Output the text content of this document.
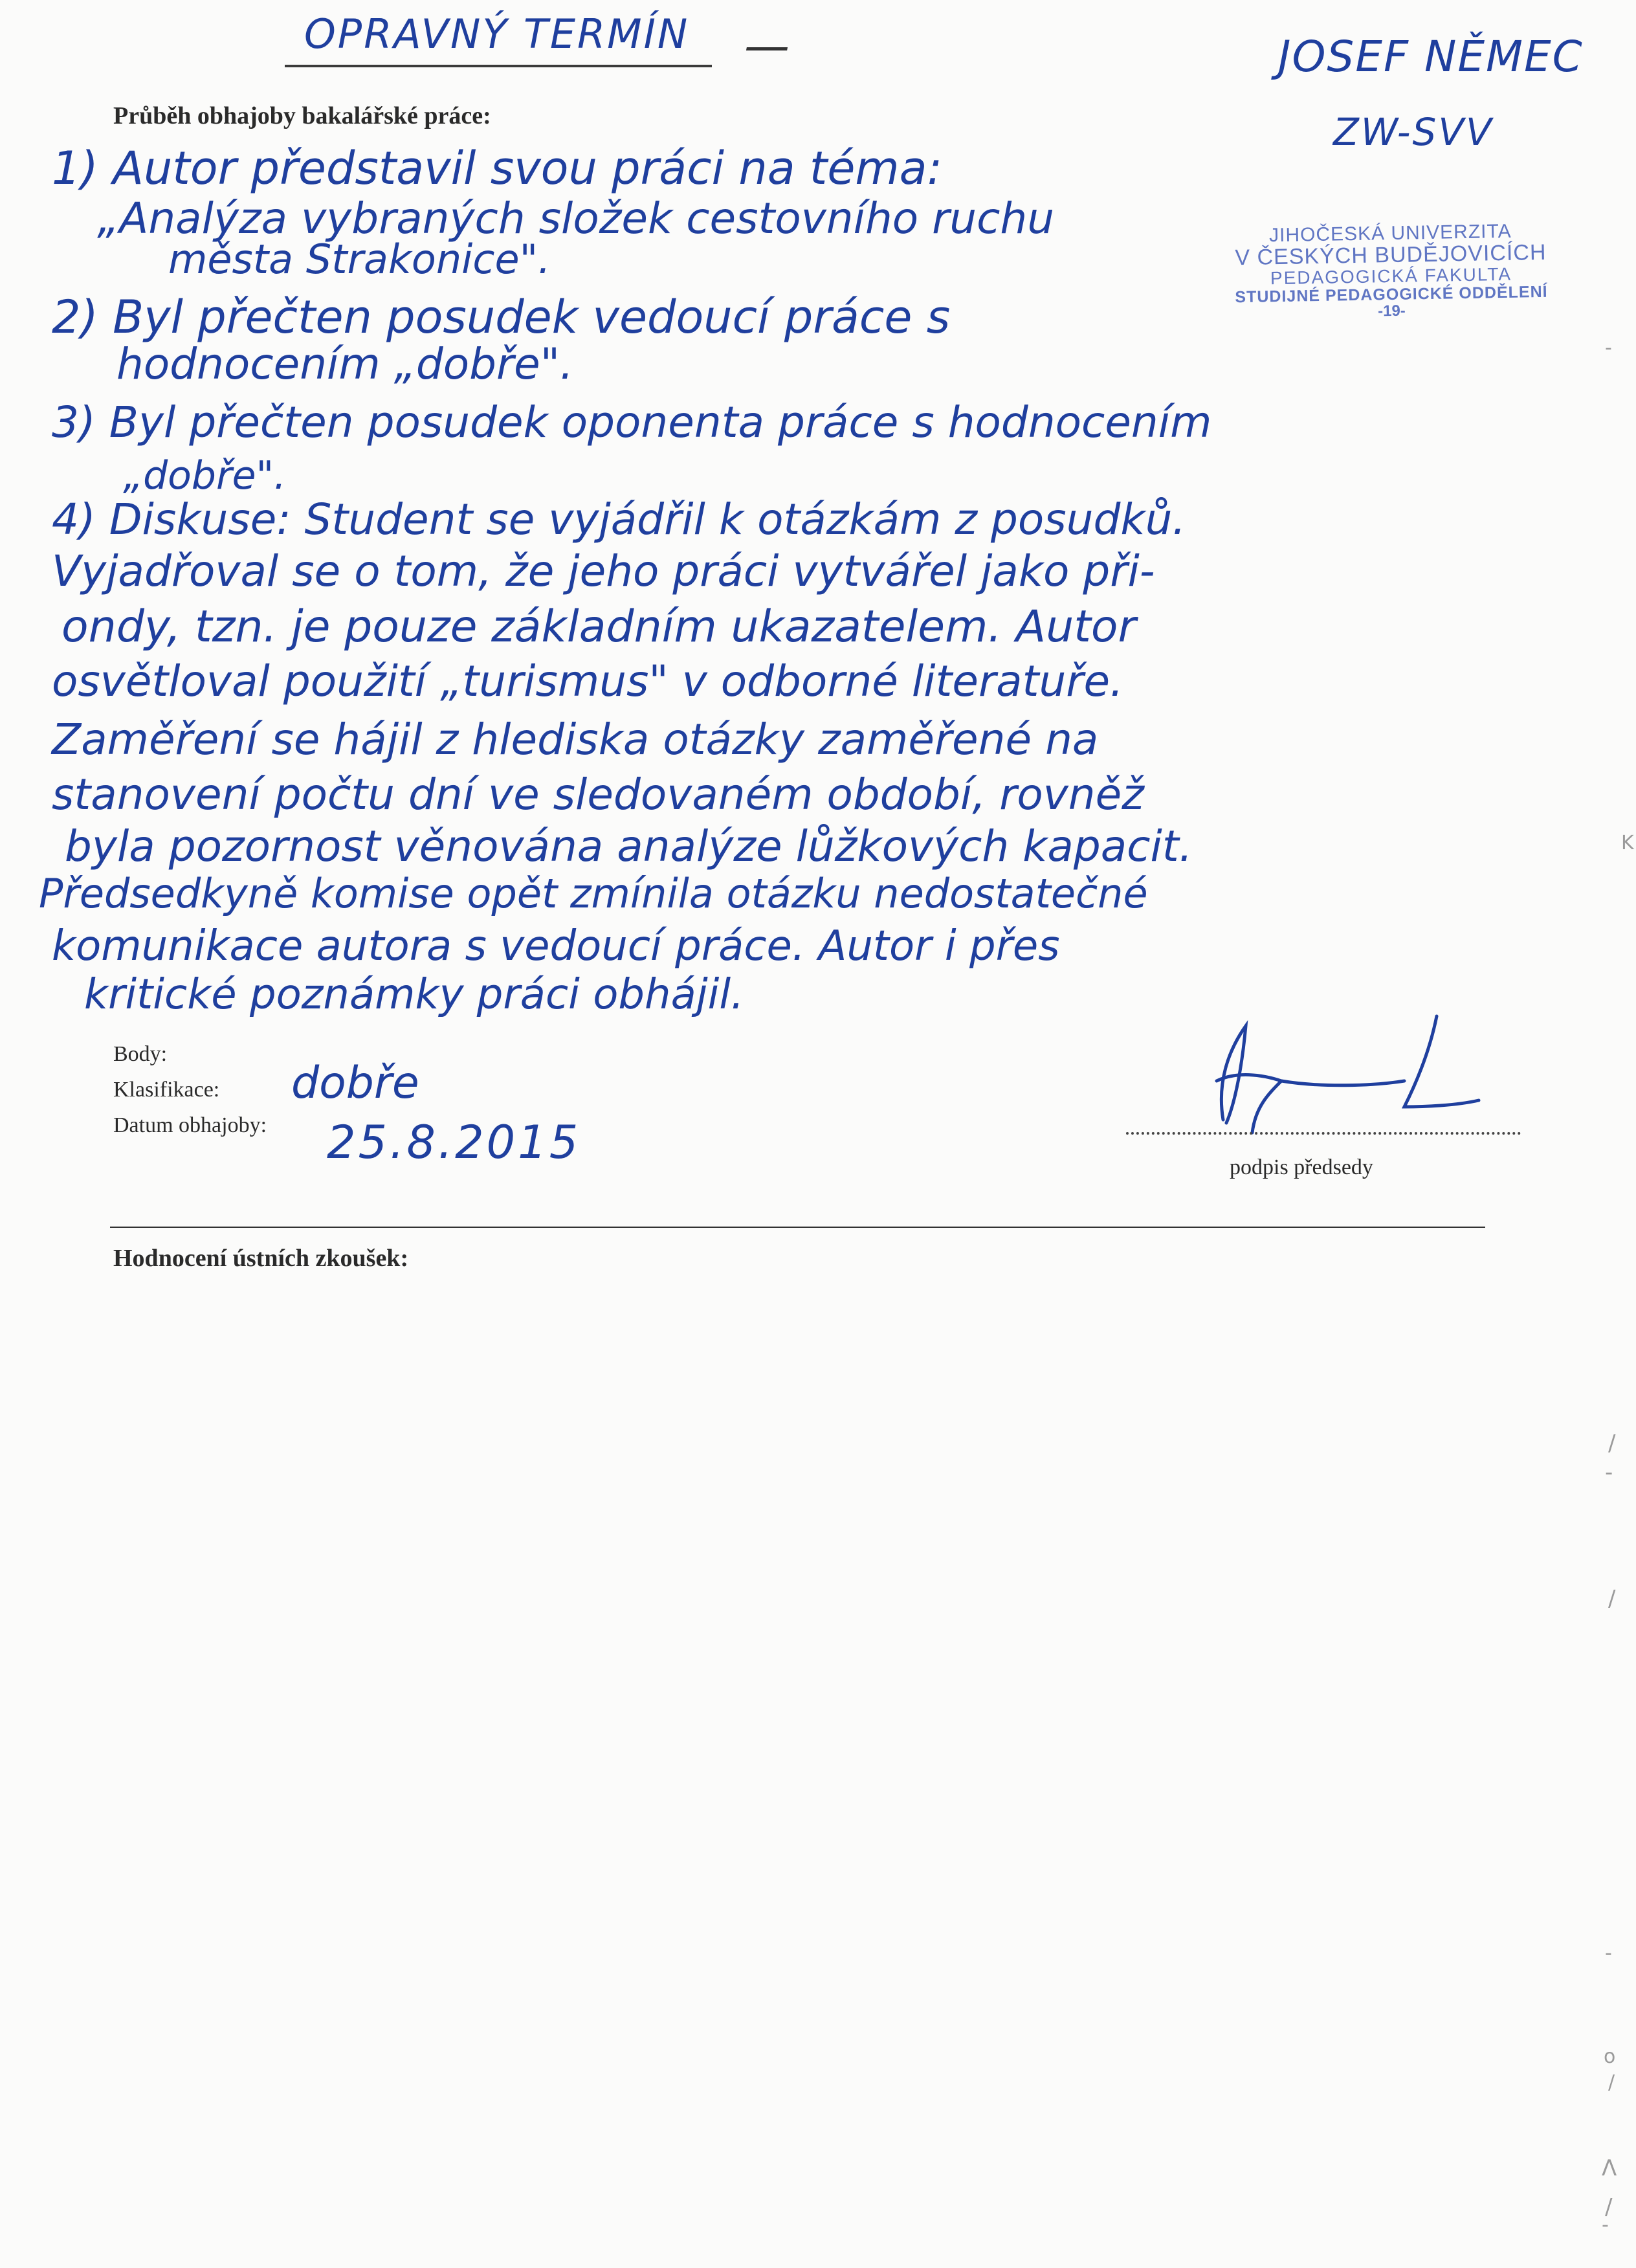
OPRAVNÝ TERMÍN —	JOSEF NĚMEC
ZW-SVV
JIHOČESKÁ UNIVERZITA
V ČESKÝCH BUDĚJOVICÍCH
PEDAGOGICKÁ FAKULTA
STUDIJNÉ PEDAGOGICKÉ ODDĚLENÍ
-19-
Průběh obhajoby bakalářské práce:
1) Autor představil svou práci na téma:
„Analýza vybraných složek cestovního ruchu
města Strakonice".
2) Byl přečten posudek vedoucí práce s
hodnocením „dobře".
3) Byl přečten posudek oponenta práce s hodnocením
„dobře".
4) Diskuse: Student se vyjádřil k otázkám z posudků.
Vyjadřoval se o tom, že jeho práci vytvářel jako při-
ondy, tzn. je pouze základním ukazatelem. Autor
osvětloval použití „turismus" v odborné literatuře.
Zaměření se hájil z hlediska otázky zaměřené na
stanovení počtu dní ve sledovaném období, rovněž
byla pozornost věnována analýze lůžkových kapacit.
Předsedkyně komise opět zmínila otázku nedostatečné
komunikace autora s vedoucí práce. Autor i přes
kritické poznámky práci obhájil.
Body:
Klasifikace: dobře
Datum obhajoby: 25.8.2015	podpis předsedy
Hodnocení ústních zkoušek:
-
K
/
-
/
-
o
/
Λ
/
-
